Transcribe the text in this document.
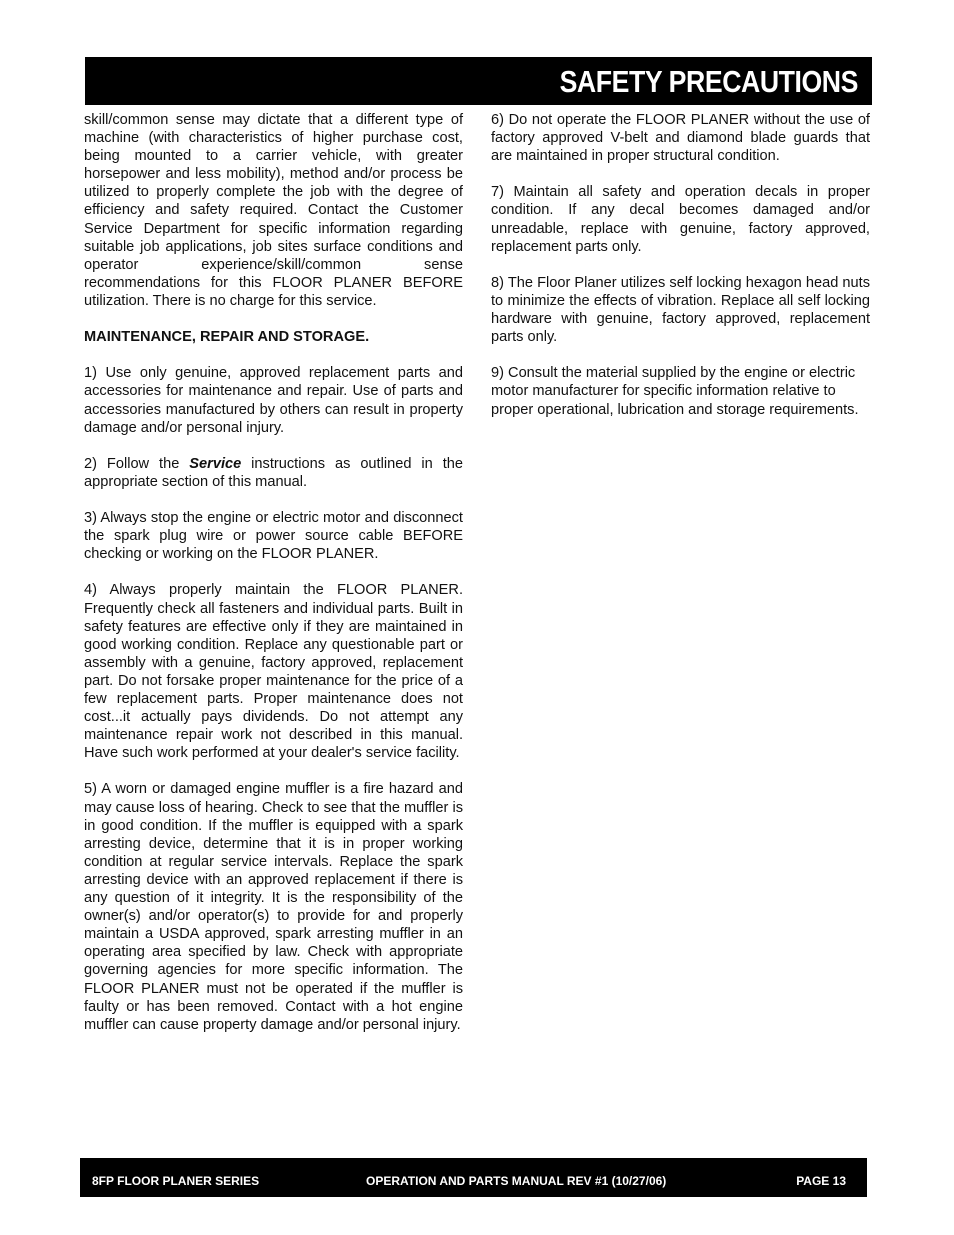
SAFETY PRECAUTIONS

skill/common sense may dictate that a different type of machine (with characteristics of higher purchase cost, being mounted to a carrier vehicle, with greater horsepower and less mobility), method and/or process be utilized to properly complete the job with the degree of efficiency and safety required. Contact the Customer Service Department for specific information regarding suitable job applications, job sites surface conditions and operator experience/skill/common sense recommendations for this FLOOR PLANER BEFORE utilization. There is no charge for this service.

MAINTENANCE, REPAIR AND STORAGE.

1) Use only genuine, approved replacement parts and accessories for maintenance and repair. Use of parts and accessories manufactured by others can result in property damage and/or personal injury.

2) Follow the Service instructions as outlined in the appropriate section of this manual.

3) Always stop the engine or electric motor and disconnect the spark plug wire or power source cable BEFORE checking or working on the FLOOR PLANER.

4) Always properly maintain the FLOOR PLANER. Frequently check all fasteners and individual parts. Built in safety features are effective only if they are maintained in good working condition. Replace any questionable part or assembly with a genuine, factory approved, replacement part. Do not forsake proper maintenance for the price of a few replacement parts. Proper maintenance does not cost...it actually pays dividends. Do not attempt any maintenance repair work not described in this manual. Have such work performed at your dealer's service facility.

5) A worn or damaged engine muffler is a fire hazard and may cause loss of hearing. Check to see that the muffler is in good condition. If the muffler is equipped with a spark arresting device, determine that it is in proper working condition at regular service intervals. Replace the spark arresting device with an approved replacement if there is any question of it integrity. It is the responsibility of the owner(s) and/or operator(s) to provide for and properly maintain a USDA approved, spark arresting muffler in an operating area specified by law. Check with appropriate governing agencies for more specific information. The FLOOR PLANER must not be operated if the muffler is faulty or has been removed. Contact with a hot engine muffler can cause property damage and/or personal injury.

6) Do not operate the FLOOR PLANER without the use of factory approved V-belt and diamond blade guards that are maintained in proper structural condition.

7) Maintain all safety and operation decals in proper condition. If any decal becomes damaged and/or unreadable, replace with genuine, factory approved, replacement parts only.

8) The Floor Planer utilizes self locking hexagon head nuts to minimize the effects of vibration. Replace all self locking hardware with genuine, factory approved, replacement parts only.

9) Consult the material supplied by the engine or electric motor manufacturer for specific information relative to proper operational, lubrication and storage requirements.

8FP FLOOR PLANER SERIES	OPERATION AND PARTS MANUAL REV #1 (10/27/06)	PAGE 13
